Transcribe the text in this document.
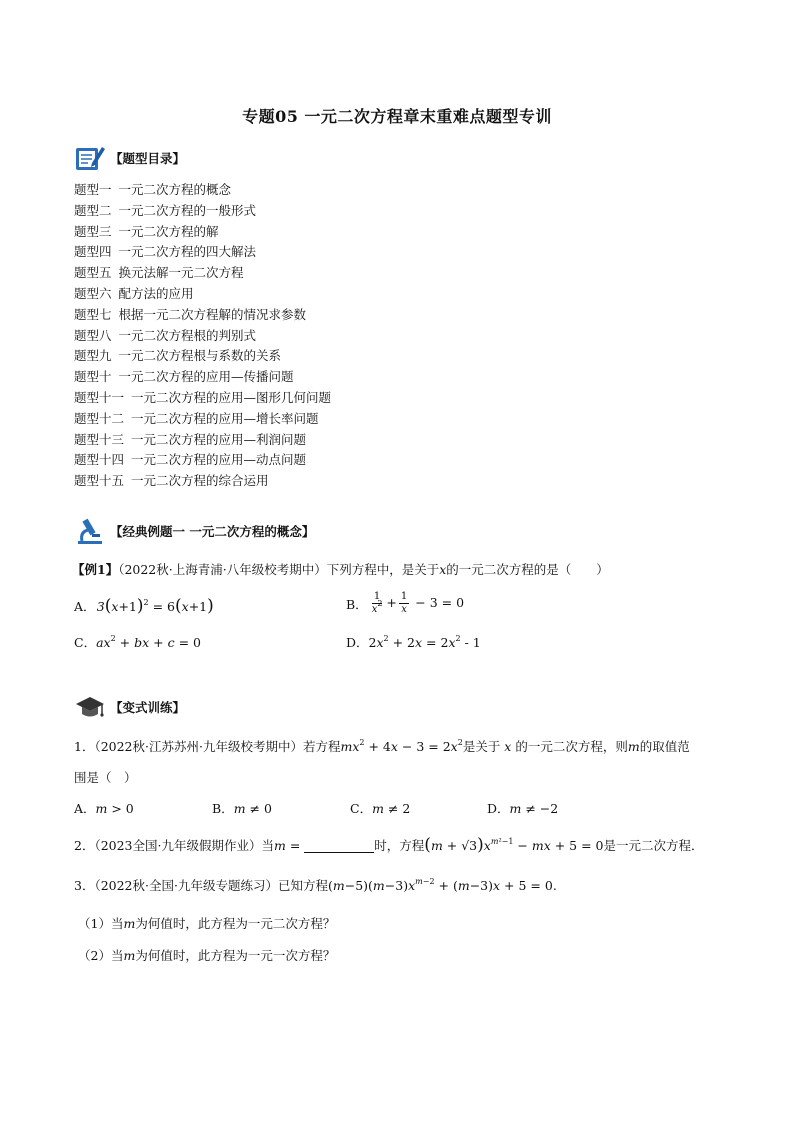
专题05 一元二次方程章末重难点题型专训
【题型目录】
题型一 一元二次方程的概念
题型二 一元二次方程的一般形式
题型三 一元二次方程的解
题型四 一元二次方程的四大解法
题型五 换元法解一元二次方程
题型六 配方法的应用
题型七 根据一元二次方程解的情况求参数
题型八 一元二次方程根的判别式
题型九 一元二次方程根与系数的关系
题型十 一元二次方程的应用—传播问题
题型十一 一元二次方程的应用—图形几何问题
题型十二 一元二次方程的应用—增长率问题
题型十三 一元二次方程的应用—利润问题
题型十四 一元二次方程的应用—动点问题
题型十五 一元二次方程的综合运用
【经典例题一 一元二次方程的概念】
【例1】（2022秋·上海青浦·八年级校考期中）下列方程中，是关于x的一元二次方程的是（　　）
A．  $3(x+1)^2 = 6(x+1)$	B． $\frac{1}{x^2} + \frac{1}{x} - 3 = 0$
C． $ax^2$ + bx + c = 0	D． $2x^2 + 2x = 2x^2 - 1$
【变式训练】
1．（2022秋·江苏苏州·九年级校考期中）若方程$mx^2 + 4x - 3 = 2x^2$是关于 x 的一元二次方程，则m的取值范
围是（　）
A． m > 0	B． m ≠ 0	C． m ≠ 2	D． m ≠ −2
2．（2023全国·九年级假期作业）当 m =	时，方程 $(m + √3)x^{m^2-1}$ − mx + 5 = 0 是一元二次方程．
3．（2022秋·全国·九年级专题练习）已知方程$(m-5)(m-3)x^{m-2} + (m-3)x + 5 = 0$.
（1）当m为何值时，此方程为一元二次方程？
（2）当m为何值时，此方程为一元一次方程？
